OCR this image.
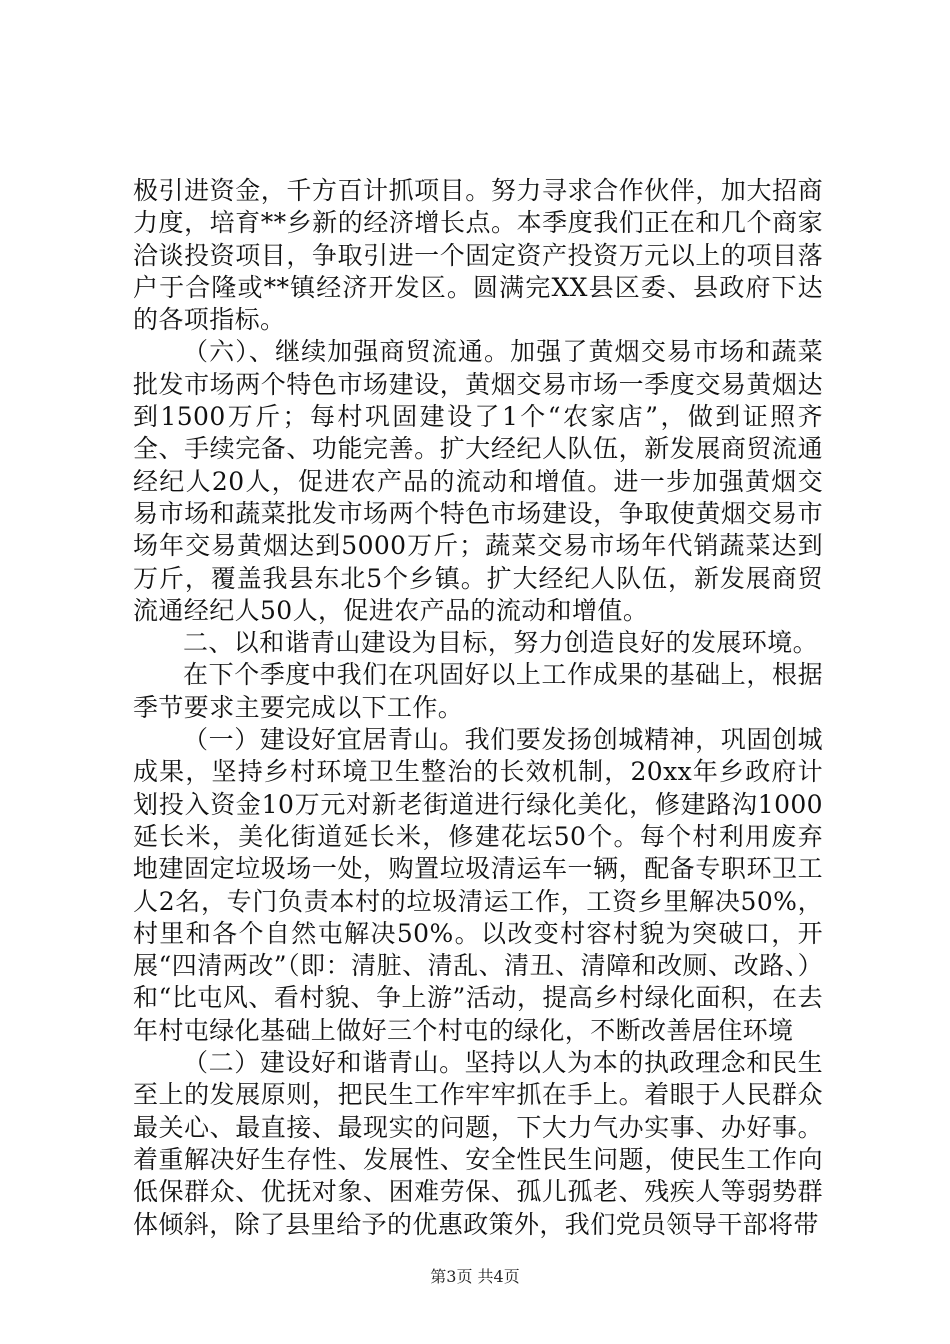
极引进资金，千方百计抓项目。努力寻求合作伙伴，加大招商力度，培育**乡新的经济增长点。本季度我们正在和几个商家洽谈投资项目，争取引进一个固定资产投资万元以上的项目落户于合隆或**镇经济开发区。圆满完XX县区委、县政府下达的各项指标。

（六）、继续加强商贸流通。加强了黄烟交易市场和蔬菜批发市场两个特色市场建设，黄烟交易市场一季度交易黄烟达到1500万斤；每村巩固建设了1个“农家店”，做到证照齐全、手续完备、功能完善。扩大经纪人队伍，新发展商贸流通经纪人20人，促进农产品的流动和增值。进一步加强黄烟交易市场和蔬菜批发市场两个特色市场建设，争取使黄烟交易市场年交易黄烟达到5000万斤；蔬菜交易市场年代销蔬菜达到万斤，覆盖我县东北5个乡镇。扩大经纪人队伍，新发展商贸流通经纪人50人，促进农产品的流动和增值。

二、以和谐青山建设为目标，努力创造良好的发展环境。

在下个季度中我们在巩固好以上工作成果的基础上，根据季节要求主要完成以下工作。

（一）建设好宜居青山。我们要发扬创城精神，巩固创城成果，坚持乡村环境卫生整治的长效机制，20xx年乡政府计划投入资金10万元对新老街道进行绿化美化，修建路沟1000延长米，美化街道延长米，修建花坛50个。每个村利用废弃地建固定垃圾场一处，购置垃圾清运车一辆，配备专职环卫工人2名，专门负责本村的垃圾清运工作，工资乡里解决50%，村里和各个自然屯解决50%。以改变村容村貌为突破口，开展“四清两改”（即：清脏、清乱、清丑、清障和改厕、改路、）和“比屯风、看村貌、争上游”活动，提高乡村绿化面积，在去年村屯绿化基础上做好三个村屯的绿化，不断改善居住环境

（二）建设好和谐青山。坚持以人为本的执政理念和民生至上的发展原则，把民生工作牢牢抓在手上。着眼于人民群众最关心、最直接、最现实的问题，下大力气办实事、办好事。着重解决好生存性、发展性、安全性民生问题，使民生工作向低保群众、优抚对象、困难劳保、孤儿孤老、残疾人等弱势群体倾斜，除了县里给予的优惠政策外，我们党员领导干部将带

第3页 共4页
